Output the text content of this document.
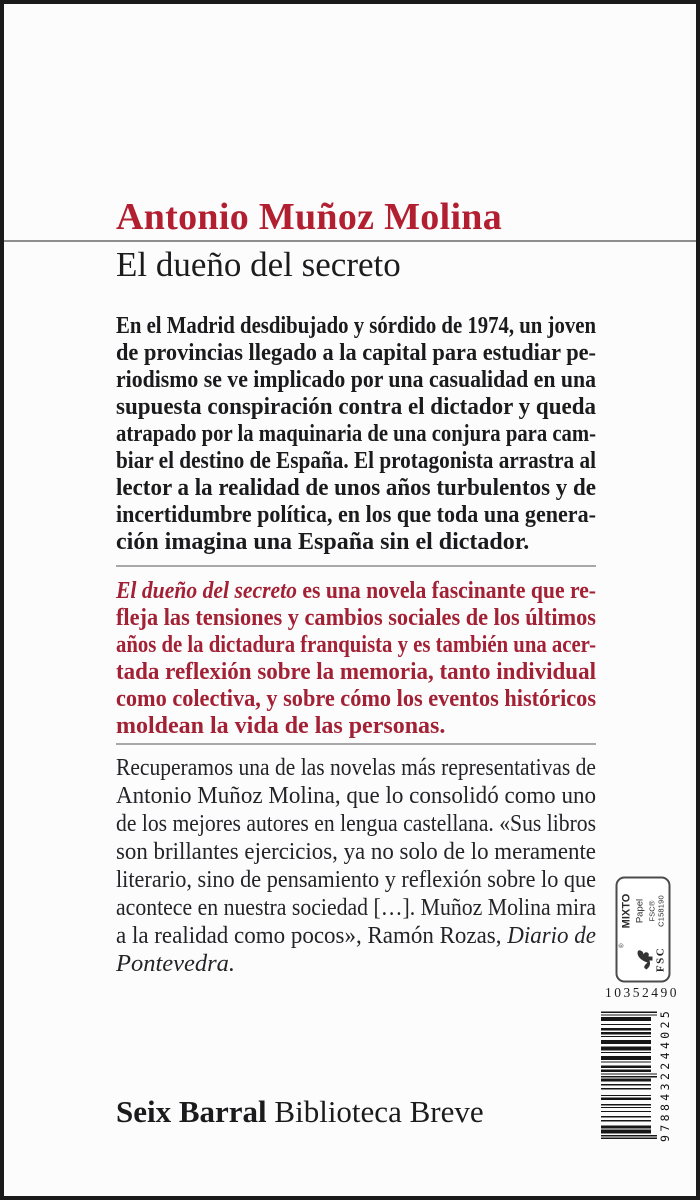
Antonio Muñoz Molina
El dueño del secreto
En el Madrid desdibujado y sórdido de 1974, un joven
de provincias llegado a la capital para estudiar pe-
riodismo se ve implicado por una casualidad en una
supuesta conspiración contra el dictador y queda
atrapado por la maquinaria de una conjura para cam-
biar el destino de España. El protagonista arrastra al
lector a la realidad de unos años turbulentos y de
incertidumbre política, en los que toda una genera-
ción imagina una España sin el dictador.
El dueño del secreto es una novela fascinante que re-
fleja las tensiones y cambios sociales de los últimos
años de la dictadura franquista y es también una acer-
tada reflexión sobre la memoria, tanto individual
como colectiva, y sobre cómo los eventos históricos
moldean la vida de las personas.
Recuperamos una de las novelas más representativas de
Antonio Muñoz Molina, que lo consolidó como uno
de los mejores autores en lengua castellana. «Sus libros
son brillantes ejercicios, ya no solo de lo meramente
literario, sino de pensamiento y reflexión sobre lo que
acontece en nuestra sociedad […]. Muñoz Molina mira
a la realidad como pocos», Ramón Rozas, Diario de
Pontevedra.
®
FSC
MIXTO Papel FSC® C158190
10352490
9
7
8
8
4
3
2
2
4
4
0
2
5
Seix Barral Biblioteca Breve
